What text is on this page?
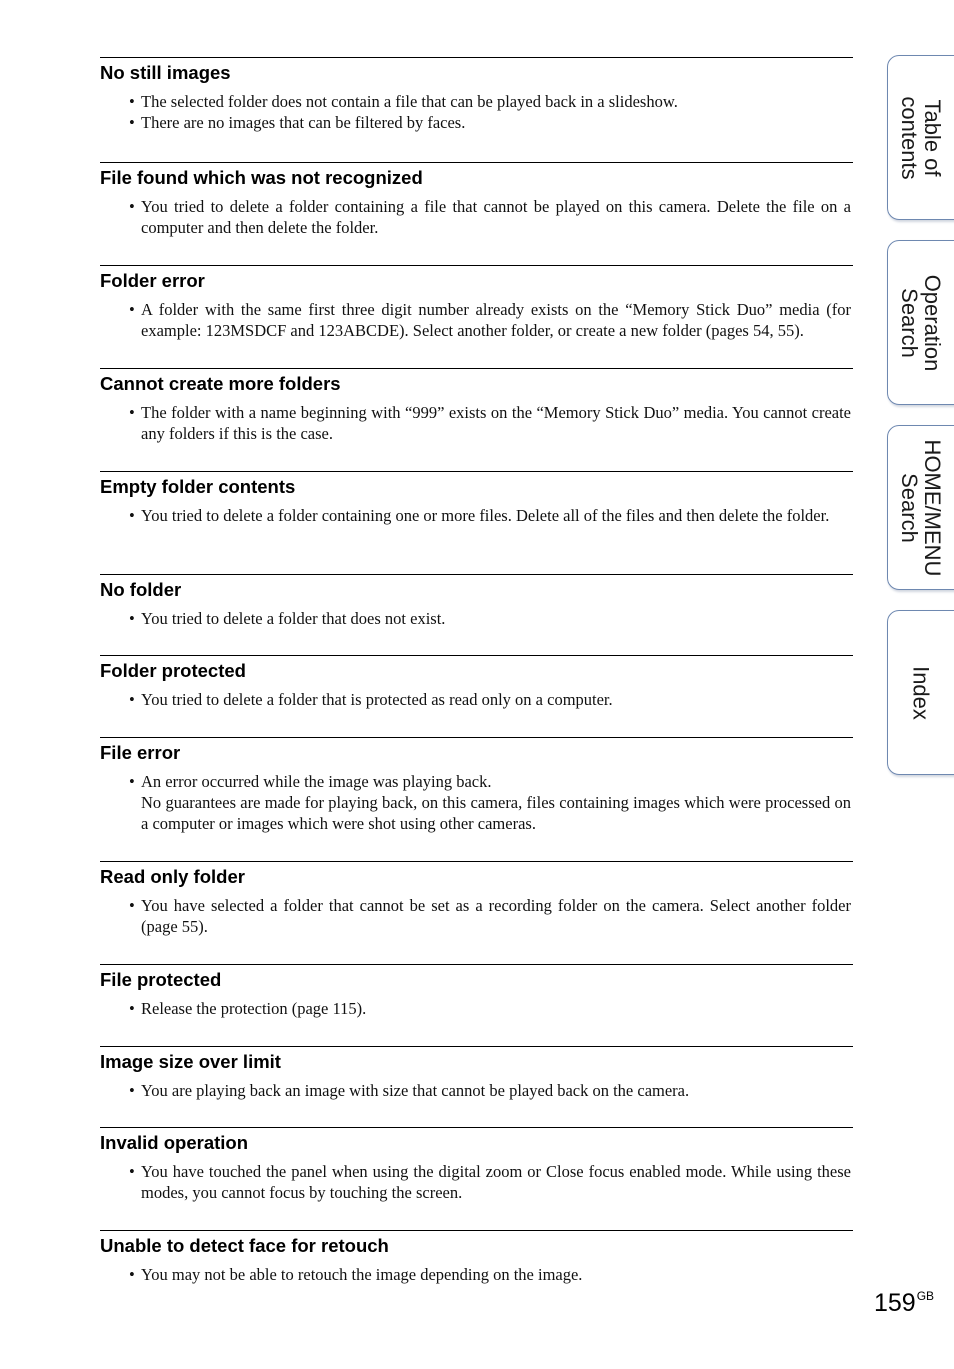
No still images
• The selected folder does not contain a file that can be played back in a slideshow.
• There are no images that can be filtered by faces.
File found which was not recognized
• You tried to delete a folder containing a file that cannot be played on this camera. Delete the file on a computer and then delete the folder.
Folder error
• A folder with the same first three digit number already exists on the “Memory Stick Duo” media (for example: 123MSDCF and 123ABCDE). Select another folder, or create a new folder (pages 54, 55).
Cannot create more folders
• The folder with a name beginning with “999” exists on the “Memory Stick Duo” media. You cannot create any folders if this is the case.
Empty folder contents
• You tried to delete a folder containing one or more files. Delete all of the files and then delete the folder.
No folder
• You tried to delete a folder that does not exist.
Folder protected
• You tried to delete a folder that is protected as read only on a computer.
File error
• An error occurred while the image was playing back.
No guarantees are made for playing back, on this camera, files containing images which were processed on a computer or images which were shot using other cameras.
Read only folder
• You have selected a folder that cannot be set as a recording folder on the camera. Select another folder (page 55).
File protected
• Release the protection (page 115).
Image size over limit
• You are playing back an image with size that cannot be played back on the camera.
Invalid operation
• You have touched the panel when using the digital zoom or Close focus enabled mode. While using these modes, you cannot focus by touching the screen.
Unable to detect face for retouch
• You may not be able to retouch the image depending on the image.
Table of
contents
Operation
Search
HOME/MENU
Search
Index
$159^{GB}$
